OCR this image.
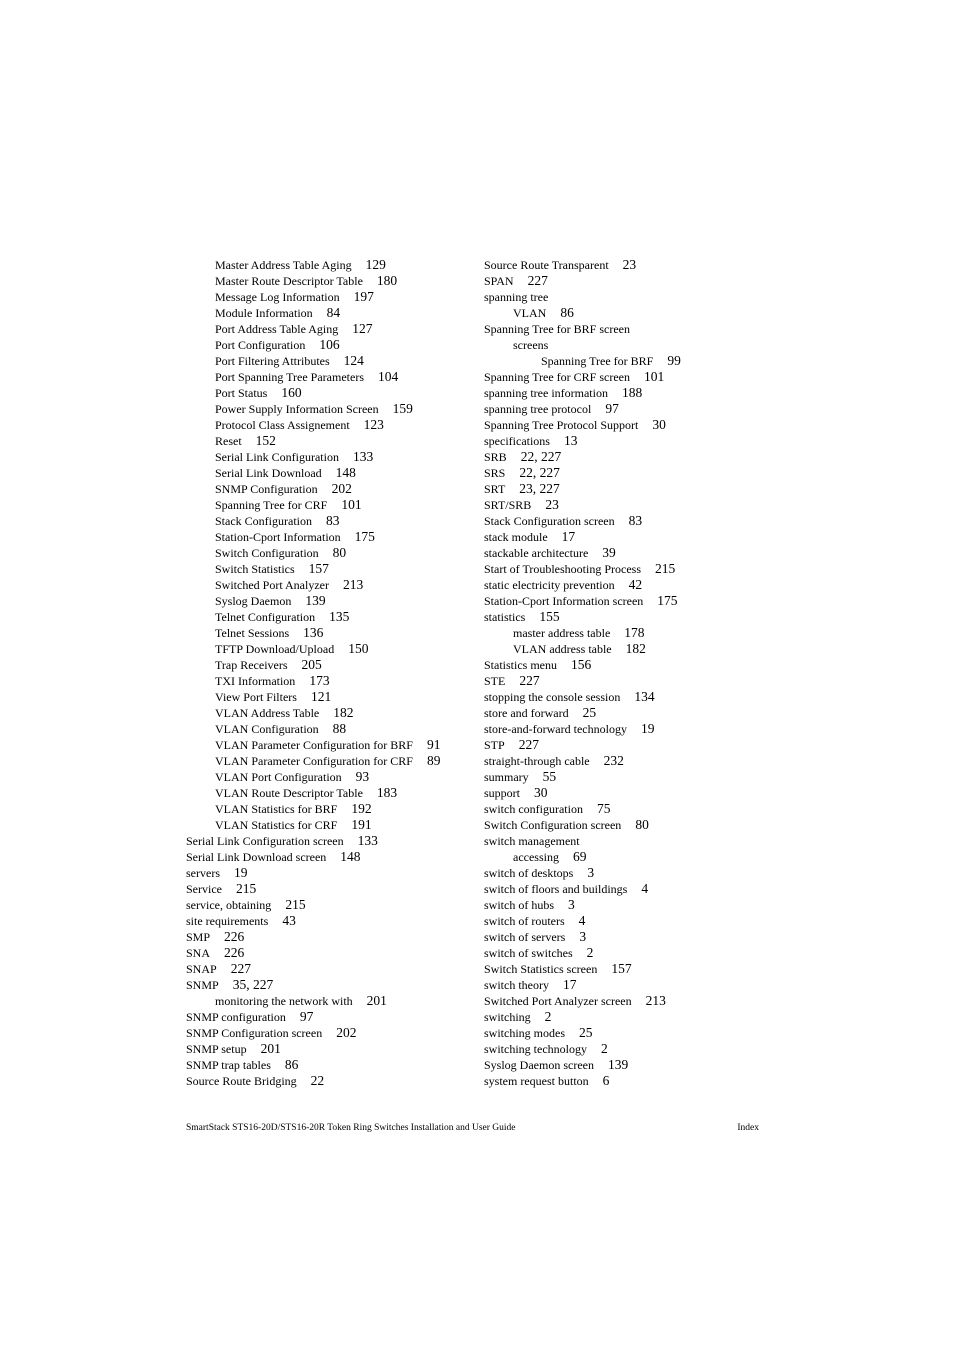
Master Address Table Aging 129
Master Route Descriptor Table 180
Message Log Information 197
Module Information 84
Port Address Table Aging 127
Port Configuration 106
Port Filtering Attributes 124
Port Spanning Tree Parameters 104
Port Status 160
Power Supply Information Screen 159
Protocol Class Assignement 123
Reset 152
Serial Link Configuration 133
Serial Link Download 148
SNMP Configuration 202
Spanning Tree for CRF 101
Stack Configuration 83
Station-Cport Information 175
Switch Configuration 80
Switch Statistics 157
Switched Port Analyzer 213
Syslog Daemon 139
Telnet Configuration 135
Telnet Sessions 136
TFTP Download/Upload 150
Trap Receivers 205
TXI Information 173
View Port Filters 121
VLAN Address Table 182
VLAN Configuration 88
VLAN Parameter Configuration for BRF 91
VLAN Parameter Configuration for CRF 89
VLAN Port Configuration 93
VLAN Route Descriptor Table 183
VLAN Statistics for BRF 192
VLAN Statistics for CRF 191
Serial Link Configuration screen 133
Serial Link Download screen 148
servers 19
Service 215
service, obtaining 215
site requirements 43
SMP 226
SNA 226
SNAP 227
SNMP 35, 227
monitoring the network with 201
SNMP configuration 97
SNMP Configuration screen 202
SNMP setup 201
SNMP trap tables 86
Source Route Bridging 22
Source Route Transparent 23
SPAN 227
spanning tree
VLAN 86
Spanning Tree for BRF screen
screens
Spanning Tree for BRF 99
Spanning Tree for CRF screen 101
spanning tree information 188
spanning tree protocol 97
Spanning Tree Protocol Support 30
specifications 13
SRB 22, 227
SRS 22, 227
SRT 23, 227
SRT/SRB 23
Stack Configuration screen 83
stack module 17
stackable architecture 39
Start of Troubleshooting Process 215
static electricity prevention 42
Station-Cport Information screen 175
statistics 155
master address table 178
VLAN address table 182
Statistics menu 156
STE 227
stopping the console session 134
store and forward 25
store-and-forward technology 19
STP 227
straight-through cable 232
summary 55
support 30
switch configuration 75
Switch Configuration screen 80
switch management
accessing 69
switch of desktops 3
switch of floors and buildings 4
switch of hubs 3
switch of routers 4
switch of servers 3
switch of switches 2
Switch Statistics screen 157
switch theory 17
Switched Port Analyzer screen 213
switching 2
switching modes 25
switching technology 2
Syslog Daemon screen 139
system request button 6
SmartStack STS16-20D/STS16-20R Token Ring Switches Installation and User Guide	Index
